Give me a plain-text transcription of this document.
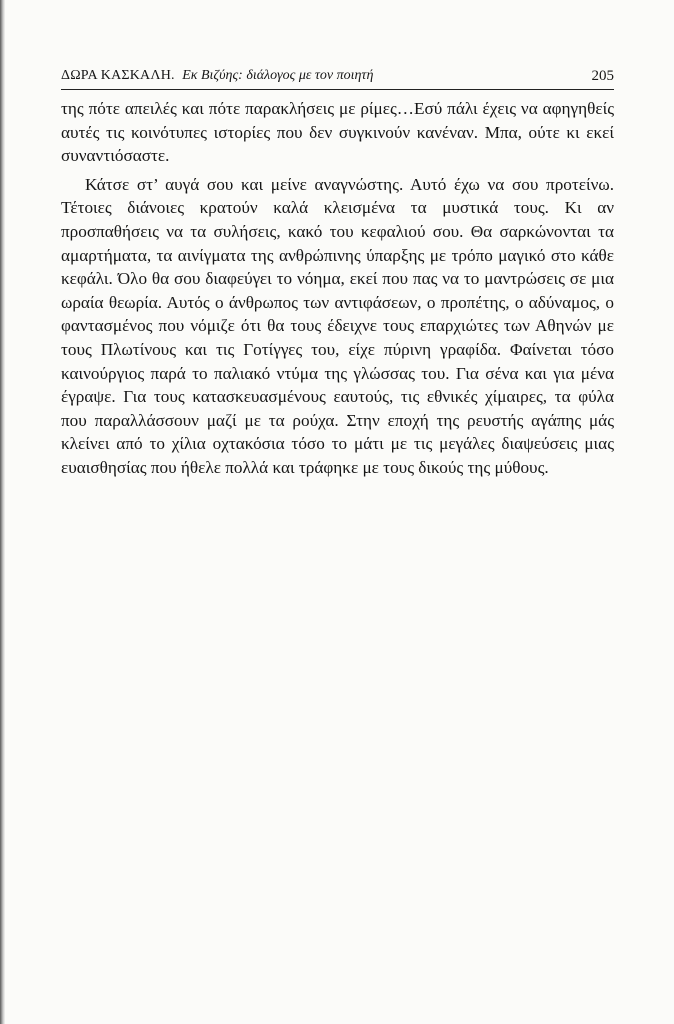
ΔΩΡΑ ΚΑΣΚΑΛΗ. Εκ Βιζύης: διάλογος με τον ποιητή	205

της πότε απειλές και πότε παρακλήσεις με ρίμες…Εσύ πάλι έχεις να αφηγηθείς αυτές τις κοινότυπες ιστορίες που δεν συγκινούν κανέναν. Μπα, ούτε κι εκεί συναντιόσαστε.

Κάτσε στ’ αυγά σου και μείνε αναγνώστης. Αυτό έχω να σου προτείνω. Τέτοιες διάνοιες κρατούν καλά κλεισμένα τα μυστικά τους. Κι αν προσπαθήσεις να τα συλήσεις, κακό του κεφαλιού σου. Θα σαρκώνονται τα αμαρτήματα, τα αινίγματα της ανθρώπινης ύπαρξης με τρόπο μαγικό στο κάθε κεφάλι. Όλο θα σου διαφεύγει το νόημα, εκεί που πας να το μαντρώσεις σε μια ωραία θεωρία. Αυτός ο άνθρωπος των αντιφάσεων, ο προπέτης, ο αδύναμος, ο φαντασμένος που νόμιζε ότι θα τους έδειχνε τους επαρχιώτες των Αθηνών με τους Πλωτίνους και τις Γοτίγγες του, είχε πύρινη γραφίδα. Φαίνεται τόσο καινούργιος παρά το παλιακό ντύμα της γλώσσας του. Για σένα και για μένα έγραψε. Για τους κατασκευασμένους εαυτούς, τις εθνικές χίμαιρες, τα φύλα που παραλλάσσουν μαζί με τα ρούχα. Στην εποχή της ρευστής αγάπης μάς κλείνει από το χίλια οχτακόσια τόσο το μάτι με τις μεγάλες διαψεύσεις μιας ευαισθησίας που ήθελε πολλά και τράφηκε με τους δικούς της μύθους.
